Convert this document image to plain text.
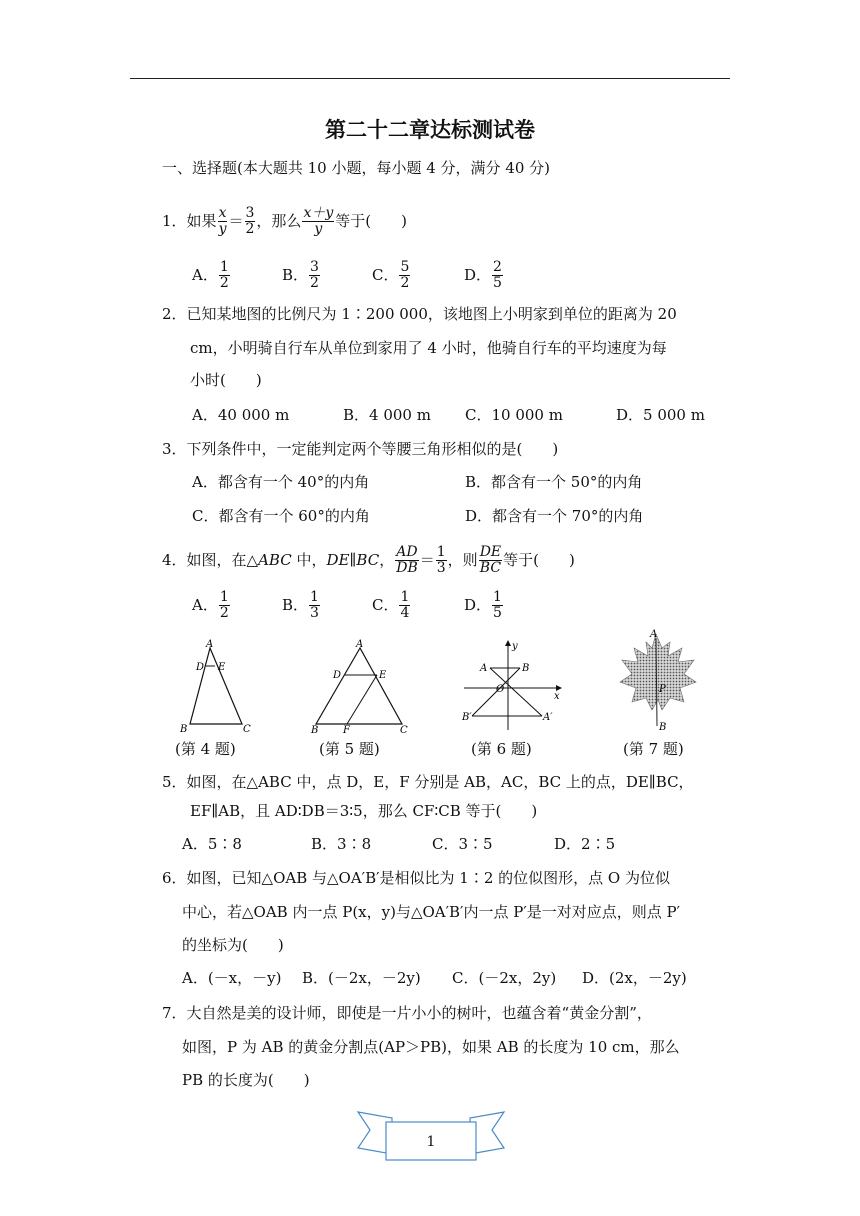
第二十二章达标测试卷
一、选择题(本大题共 10 小题，每小题 4 分，满分 40 分)
1．如果 $\frac{x}{y} = \frac{3}{2}$ ，那么 $\frac{x+y}{y}$ 等于(　　)
A． $\frac{1}{2}$	B． $\frac{3}{2}$	C． $\frac{5}{2}$	D． $\frac{2}{5}$
2．已知某地图的比例尺为 1∶200 000，该地图上小明家到单位的距离为 20
cm，小明骑自行车从单位到家用了 4 小时，他骑自行车的平均速度为每
小时(　　)
A．40 000 m	B．4 000 m C．10 000 m	D．5 000 m
3．下列条件中，一定能判定两个等腰三角形相似的是(　　)
A．都含有一个 40°的内角	B．都含有一个 50°的内角
C．都含有一个 60°的内角	D．都含有一个 70°的内角
4．如图，在△ABC 中，DE∥BC， $\frac{AD}{DB} = \frac{1}{3}$ ，则 $\frac{DE}{BC}$ 等于(　　)
A． $\frac{1}{2}$	B． $\frac{1}{3}$	C． $\frac{1}{4}$	D． $\frac{1}{5}$
A
D E
B	C
(第 4 题)
A
D	E
B F	C
(第 5 题)
y
x
A	B
O
B′	A′
(第 6 题)
A
P
B
(第 7 题)
5．如图，在△ABC 中，点 D，E，F 分别是 AB，AC，BC 上的点，DE∥BC，
EF∥AB，且 AD∶DB＝3∶5，那么 CF∶CB 等于(　　)
A．5∶8	B．3∶8	C．3∶5	D．2∶5
6．如图，已知△OAB 与△OA′B′是相似比为 1∶2 的位似图形，点 O 为位似
中心，若△OAB 内一点 P(x，y)与△OA′B′内一点 P′是一对对应点，则点 P′
的坐标为(　　)
A．(－x，－y) B．(－2x，－2y) C．(－2x，2y) D．(2x，－2y)
7．大自然是美的设计师，即使是一片小小的树叶，也蕴含着“黄金分割”，
如图，P 为 AB 的黄金分割点(AP＞PB)，如果 AB 的长度为 10 cm，那么
PB 的长度为(　　)
1
